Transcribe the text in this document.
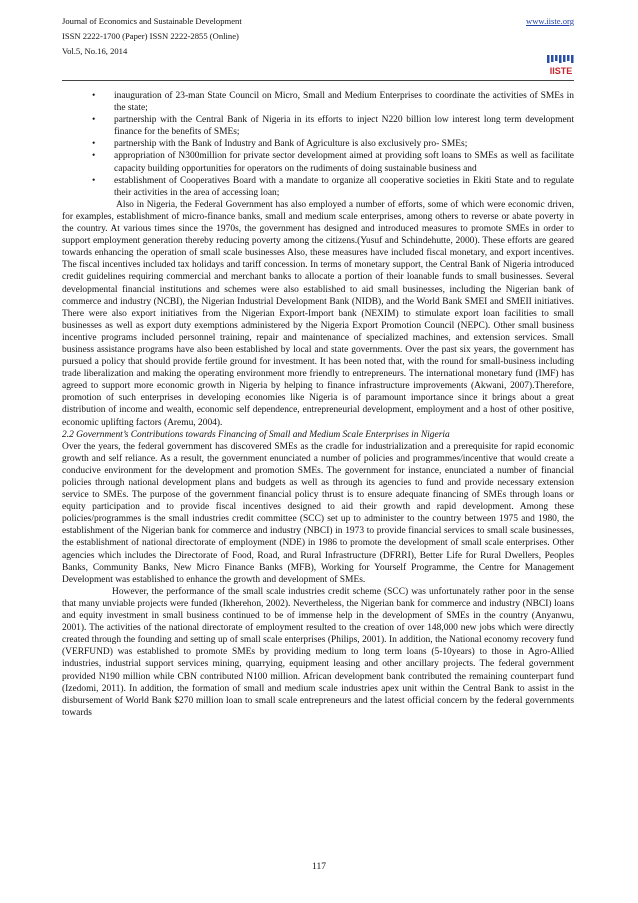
Journal of Economics and Sustainable Development
ISSN 2222-1700 (Paper) ISSN 2222-2855 (Online)
Vol.5, No.16, 2014
www.iiste.org
IISTE
• inauguration of 23-man State Council on Micro, Small and Medium Enterprises to coordinate the activities of SMEs in the state;
• partnership with the Central Bank of Nigeria in its efforts to inject N220 billion low interest long term development finance for the benefits of SMEs;
• partnership with the Bank of Industry and Bank of Agriculture is also exclusively pro- SMEs;
• appropriation of N300million for private sector development aimed at providing soft loans to SMEs as well as facilitate capacity building opportunities for operators on the rudiments of doing sustainable business and
• establishment of Cooperatives Board with a mandate to organize all cooperative societies in Ekiti State and to regulate their activities in the area of accessing loan;

Also in Nigeria, the Federal Government has also employed a number of efforts, some of which were economic driven, for examples, establishment of micro-finance banks, small and medium scale enterprises, among others to reverse or abate poverty in the country. At various times since the 1970s, the government has designed and introduced measures to promote SMEs in order to support employment generation thereby reducing poverty among the citizens.(Yusuf and Schindehutte, 2000). These efforts are geared towards enhancing the operation of small scale businesses Also, these measures have included fiscal monetary, and export incentives. The fiscal incentives included tax holidays and tariff concession. In terms of monetary support, the Central Bank of Nigeria introduced credit guidelines requiring commercial and merchant banks to allocate a portion of their loanable funds to small businesses. Several developmental financial institutions and schemes were also established to aid small businesses, including the Nigerian bank of commerce and industry (NCBI), the Nigerian Industrial Development Bank (NIDB), and the World Bank SMEI and SMEII initiatives. There were also export initiatives from the Nigerian Export-Import bank (NEXIM) to stimulate export loan facilities to small businesses as well as export duty exemptions administered by the Nigeria Export Promotion Council (NEPC). Other small business incentive programs included personnel training, repair and maintenance of specialized machines, and extension services. Small business assistance programs have also been established by local and state governments. Over the past six years, the government has pursued a policy that should provide fertile ground for investment. It has been noted that, with the round for small-business including trade liberalization and making the operating environment more friendly to entrepreneurs. The international monetary fund (IMF) has agreed to support more economic growth in Nigeria by helping to finance infrastructure improvements (Akwani, 2007).Therefore, promotion of such enterprises in developing economies like Nigeria is of paramount importance since it brings about a great distribution of income and wealth, economic self dependence, entrepreneurial development, employment and a host of other positive, economic uplifting factors (Aremu, 2004).

2.2 Government’s Contributions towards Financing of Small and Medium Scale Enterprises in Nigeria

Over the years, the federal government has discovered SMEs as the cradle for industrialization and a prerequisite for rapid economic growth and self reliance. As a result, the government enunciated a number of policies and programmes/incentive that would create a conducive environment for the development and promotion SMEs. The government for instance, enunciated a number of financial policies through national development plans and budgets as well as through its agencies to fund and provide necessary extension service to SMEs. The purpose of the government financial policy thrust is to ensure adequate financing of SMEs through loans or equity participation and to provide fiscal incentives designed to aid their growth and rapid development. Among these policies/programmes is the small industries credit committee (SCC) set up to administer to the country between 1975 and 1980, the establishment of the Nigerian bank for commerce and industry (NBCI) in 1973 to provide financial services to small scale businesses, the establishment of national directorate of employment (NDE) in 1986 to promote the development of small scale enterprises. Other agencies which includes the Directorate of Food, Road, and Rural Infrastructure (DFRRI), Better Life for Rural Dwellers, Peoples Banks, Community Banks, New Micro Finance Banks (MFB), Working for Yourself Programme, the Centre for Management Development was established to enhance the growth and development of SMEs.

However, the performance of the small scale industries credit scheme (SCC) was unfortunately rather poor in the sense that many unviable projects were funded (Ikherehon, 2002). Nevertheless, the Nigerian bank for commerce and industry (NBCI) loans and equity investment in small business continued to be of immense help in the development of SMEs in the country (Anyanwu, 2001). The activities of the national directorate of employment resulted to the creation of over 148,000 new jobs which were directly created through the founding and setting up of small scale enterprises (Philips, 2001). In addition, the National economy recovery fund (VERFUND) was established to promote SMEs by providing medium to long term loans (5-10years) to those in Agro-Allied industries, industrial support services mining, quarrying, equipment leasing and other ancillary projects. The federal government provided N190 million while CBN contributed N100 million. African development bank contributed the remaining counterpart fund (Izedomi, 2011). In addition, the formation of small and medium scale industries apex unit within the Central Bank to assist in the disbursement of World Bank $270 million loan to small scale entrepreneurs and the latest official concern by the federal governments towards

117
